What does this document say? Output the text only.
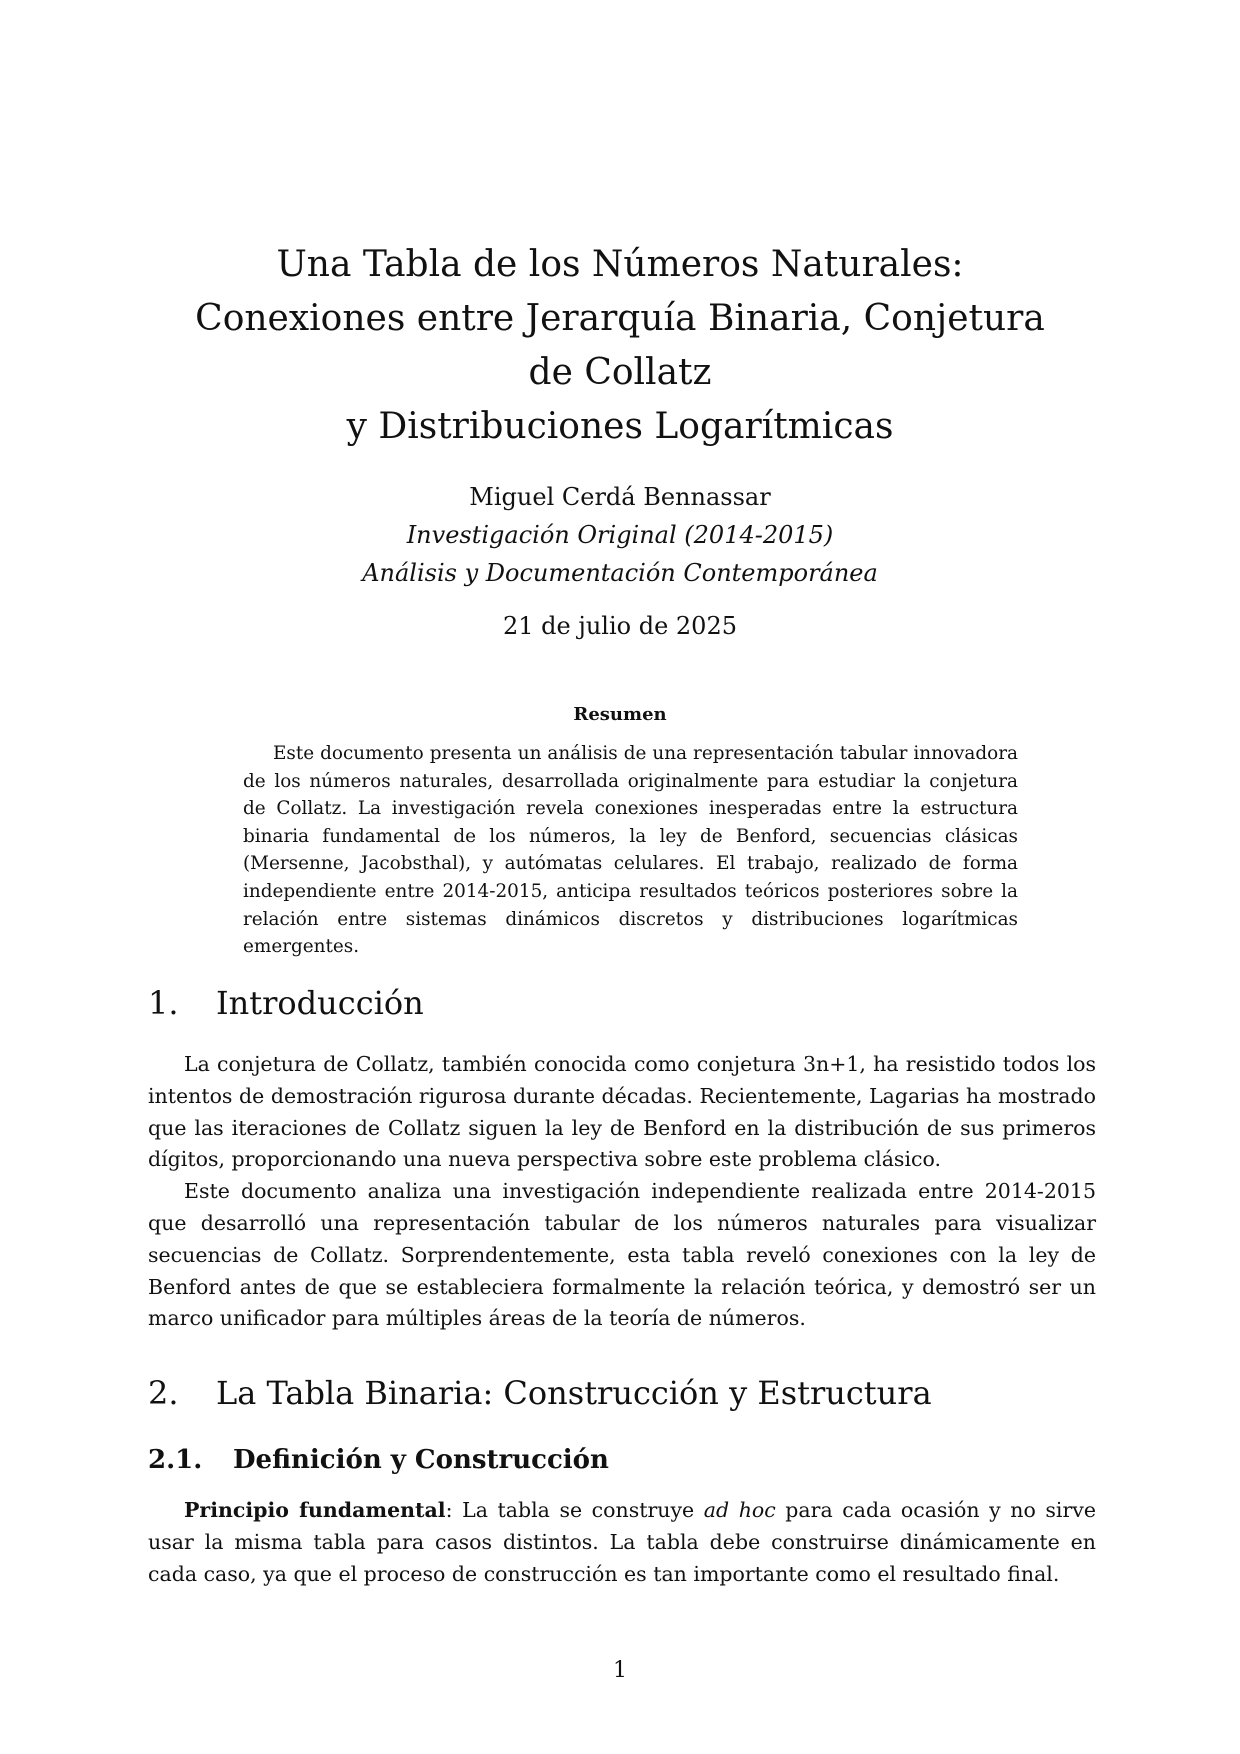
Una Tabla de los Números Naturales:
Conexiones entre Jerarquía Binaria, Conjetura
de Collatz
y Distribuciones Logarítmicas
Miguel Cerdá Bennassar
Investigación Original (2014-2015)
Análisis y Documentación Contemporánea
21 de julio de 2025
Resumen
Este documento presenta un análisis de una representación tabular innovadora de los números naturales, desarrollada originalmente para estudiar la conjetura de Collatz. La investigación revela conexiones inesperadas entre la estructura binaria fundamental de los números, la ley de Benford, secuencias clásicas (Mersenne, Jacobsthal), y autómatas celulares. El trabajo, realizado de forma independiente entre 2014-2015, anticipa resultados teóricos posteriores sobre la relación entre sistemas dinámicos discretos y distribuciones logarítmicas emergentes.
1. Introducción

La conjetura de Collatz, también conocida como conjetura 3n+1, ha resistido todos los intentos de demostración rigurosa durante décadas. Recientemente, Lagarias ha mostrado que las iteraciones de Collatz siguen la ley de Benford en la distribución de sus primeros dígitos, proporcionando una nueva perspectiva sobre este problema clásico.

Este documento analiza una investigación independiente realizada entre 2014-2015 que desarrolló una representación tabular de los números naturales para visualizar secuencias de Collatz. Sorprendentemente, esta tabla reveló conexiones con la ley de Benford antes de que se estableciera formalmente la relación teórica, y demostró ser un marco unificador para múltiples áreas de la teoría de números.

2. La Tabla Binaria: Construcción y Estructura
2.1. Definición y Construcción

Principio fundamental: La tabla se construye ad hoc para cada ocasión y no sirve usar la misma tabla para casos distintos. La tabla debe construirse dinámicamente en cada caso, ya que el proceso de construcción es tan importante como el resultado final.

1
